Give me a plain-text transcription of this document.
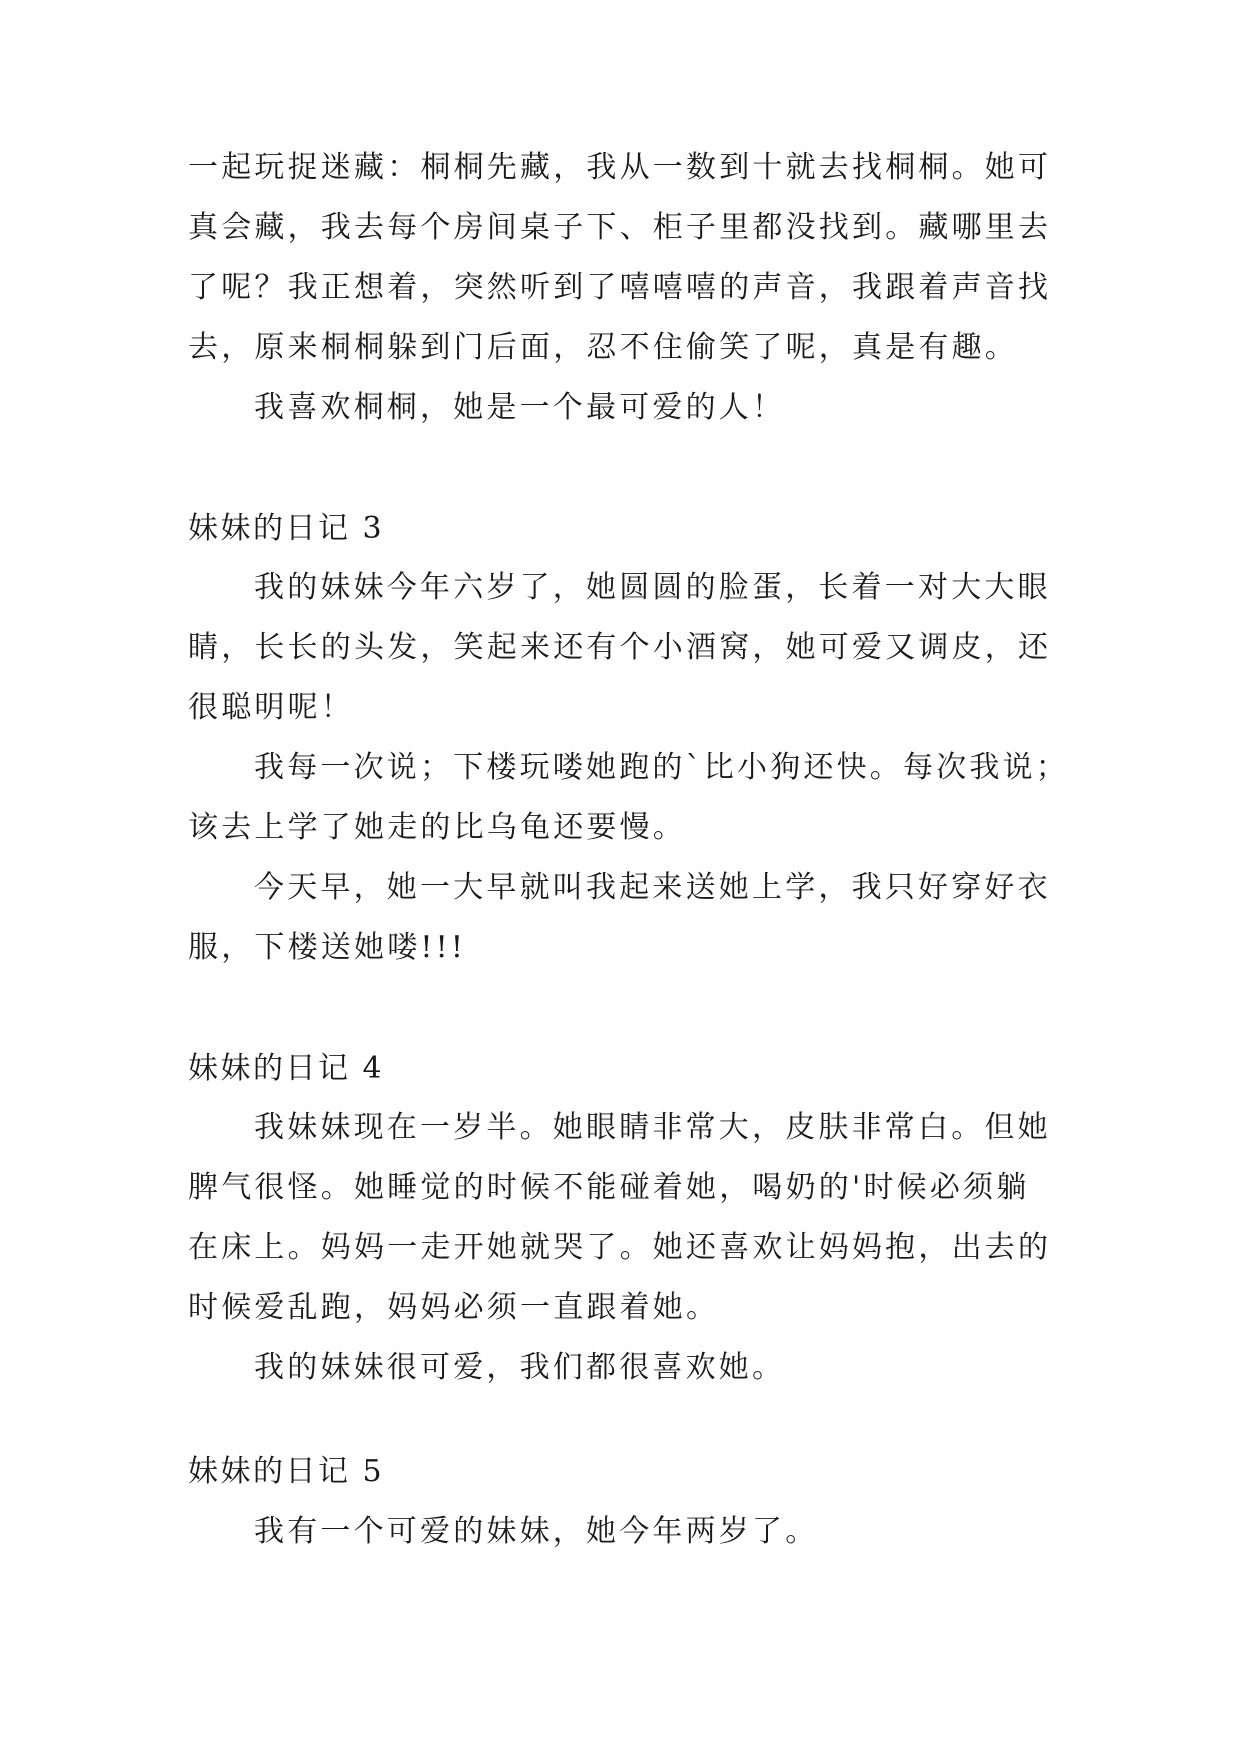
一起玩捉迷藏：桐桐先藏，我从一数到十就去找桐桐。她可
真会藏，我去每个房间桌子下、柜子里都没找到。藏哪里去
了呢？我正想着，突然听到了嘻嘻嘻的声音，我跟着声音找
去，原来桐桐躲到门后面，忍不住偷笑了呢，真是有趣。
我喜欢桐桐，她是一个最可爱的人！
妹妹的日记 3
我的妹妹今年六岁了，她圆圆的脸蛋，长着一对大大眼
睛，长长的头发，笑起来还有个小酒窝，她可爱又调皮，还
很聪明呢！
我每一次说；下楼玩喽她跑的`比小狗还快。每次我说；
该去上学了她走的比乌龟还要慢。
今天早，她一大早就叫我起来送她上学，我只好穿好衣
服，下楼送她喽!!!
妹妹的日记 4
我妹妹现在一岁半。她眼睛非常大，皮肤非常白。但她
脾气很怪。她睡觉的时候不能碰着她，喝奶的'时候必须躺
在床上。妈妈一走开她就哭了。她还喜欢让妈妈抱，出去的
时候爱乱跑，妈妈必须一直跟着她。
我的妹妹很可爱，我们都很喜欢她。
妹妹的日记 5
我有一个可爱的妹妹，她今年两岁了。
